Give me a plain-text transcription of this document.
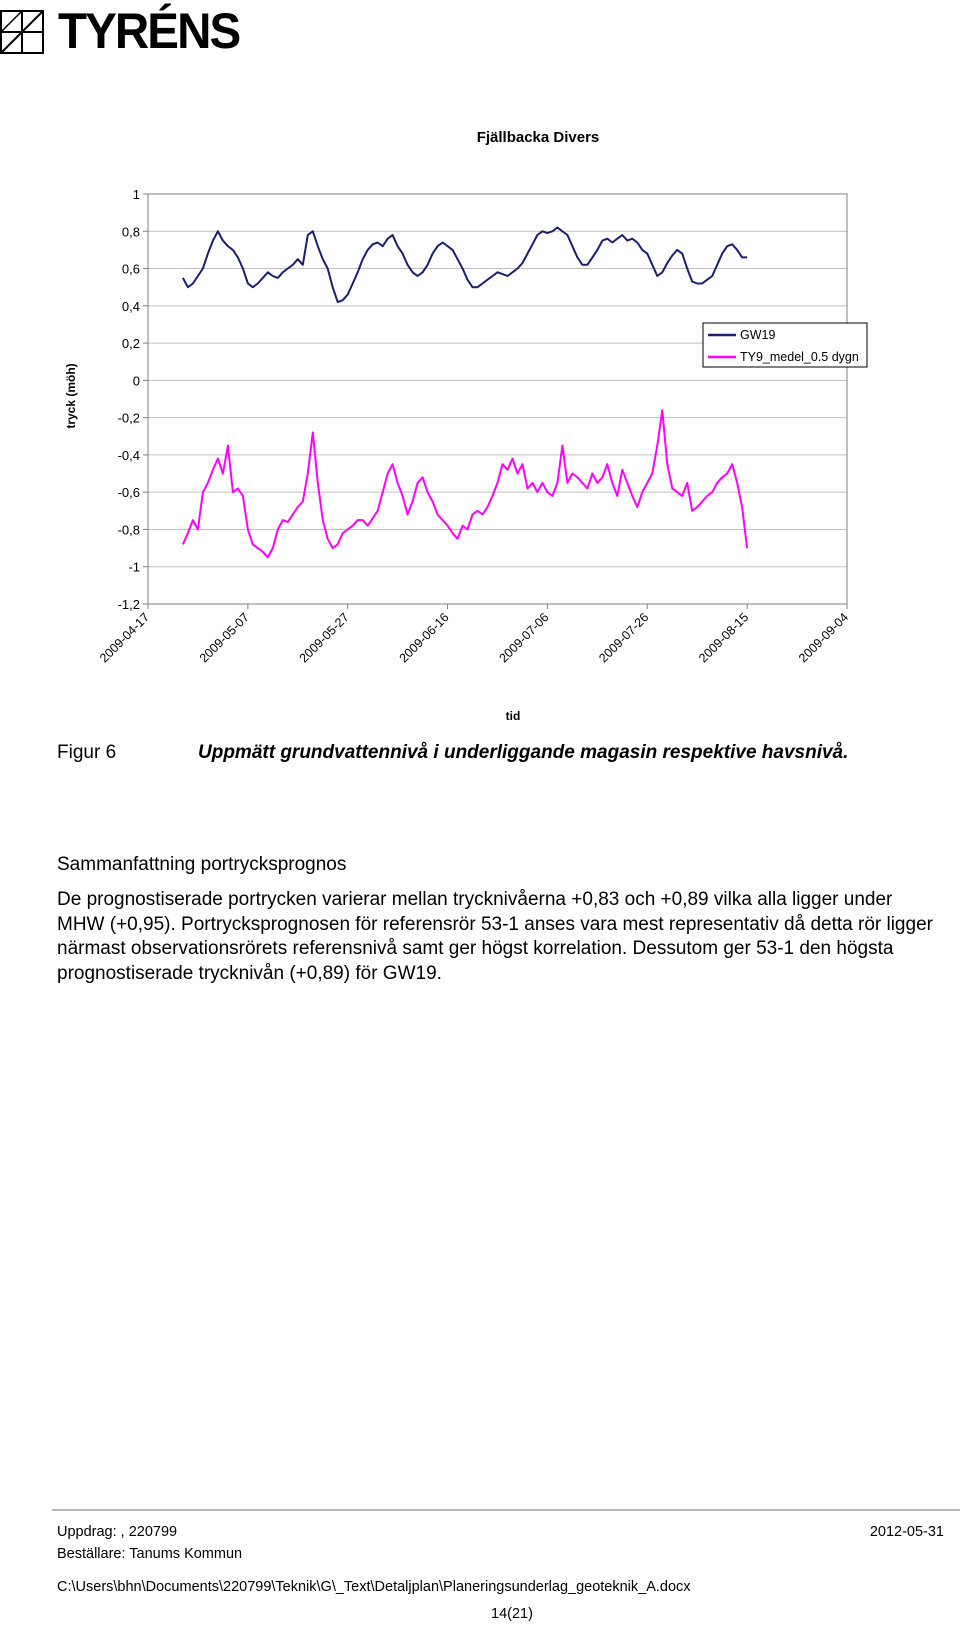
TYRÉNS
Fjällbacka Divers
tryck (möh)
tid
1
0,8
0,6
0,4
0,2
0
-0,2
-0,4
-0,6
-0,8
-1
-1,2
2009-04-17	2009-05-07	2009-05-27	2009-06-16	2009-07-06	2009-07-26	2009-08-15	2009-09-04
GW19
TY9_medel_0.5 dygn
Figur 6	Uppmätt grundvattennivå i underliggande magasin respektive havsnivå.
Sammanfattning portrycksprognos
De prognostiserade portrycken varierar mellan trycknivåerna +0,83 och +0,89 vilka alla ligger under MHW (+0,95). Portrycksprognosen för referensrör 53-1 anses vara mest representativ då detta rör ligger närmast observationsrörets referensnivå samt ger högst korrelation. Dessutom ger 53-1 den högsta prognostiserade trycknivån (+0,89) för GW19.
Uppdrag: , 220799	2012-05-31
Beställare: Tanums Kommun
C:\Users\bhn\Documents\220799\Teknik\G\_Text\Detaljplan\Planeringsunderlag_geoteknik_A.docx
14(21)
